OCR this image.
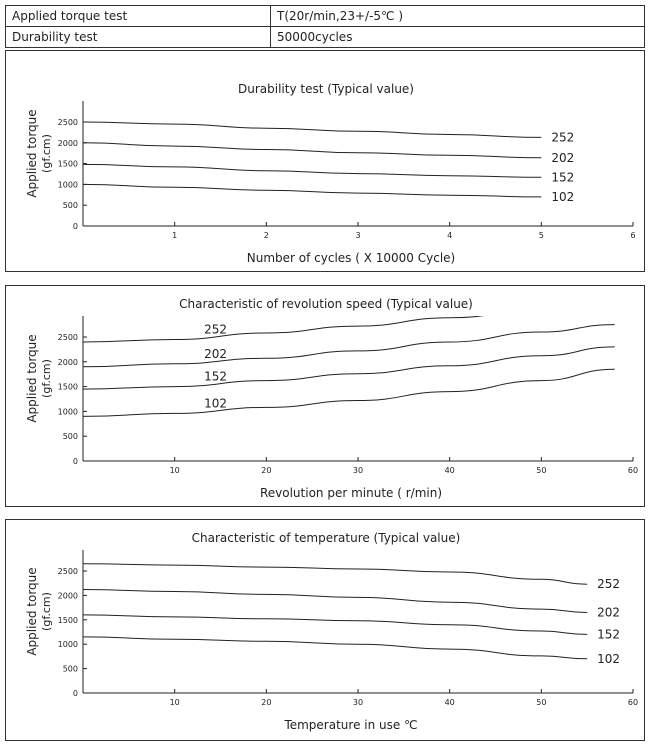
Applied torque test	T(20r/min,23+/-5℃ )
Durability test	50000cycles
Durability test (Typical value)
0
500
1000
1500
2000
2500
1	2	3	4	5	6
Number of cycles ( X 10000 Cycle)
Applied torque (gf.cm)	252
202
152
102
Characteristic of revolution speed (Typical value)
0
500
1000
1500
2000
2500
10	20	30	40	50	60
Revolution per minute ( r/min)
Applied torque (gf.cm)
252
202
152
102
Characteristic of temperature (Typical value)
0
500
1000
1500
2000
2500
10	20	30	40	50	60
Temperature in use ℃
Applied torque (gf.cm)
252
202
152
102
